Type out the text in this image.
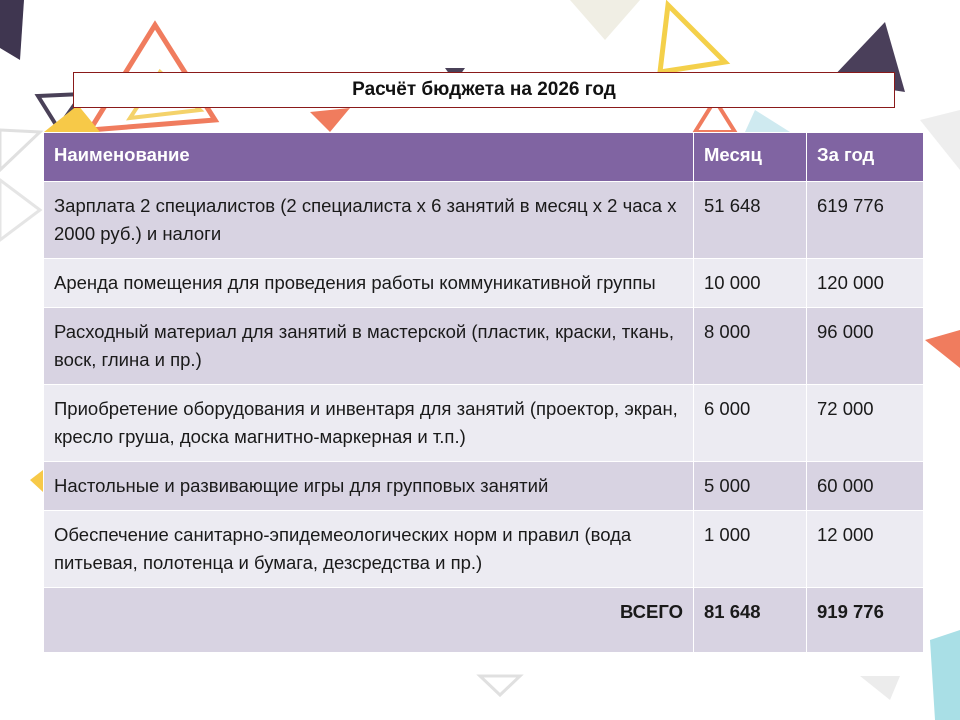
Расчёт бюджета на 2026 год
Наименование	Месяц	За год
Зарплата 2 специалистов (2 специалиста х 6 занятий в месяц х 2 часа х 2000 руб.) и налоги	51 648	619 776
Аренда помещения для проведения работы коммуникативной группы	10 000	120 000
Расходный материал для занятий в мастерской (пластик, краски, ткань, воск, глина и пр.)	8 000	96 000
Приобретение оборудования и инвентаря для занятий (проектор, экран, кресло груша, доска магнитно-маркерная и т.п.)	6 000	72 000
Настольные и развивающие игры для групповых занятий	5 000	60 000
Обеспечение санитарно-эпидемеологических норм и правил (вода питьевая, полотенца и бумага, дезсредства и пр.)	1 000	12 000
ВСЕГО	81 648	919 776
